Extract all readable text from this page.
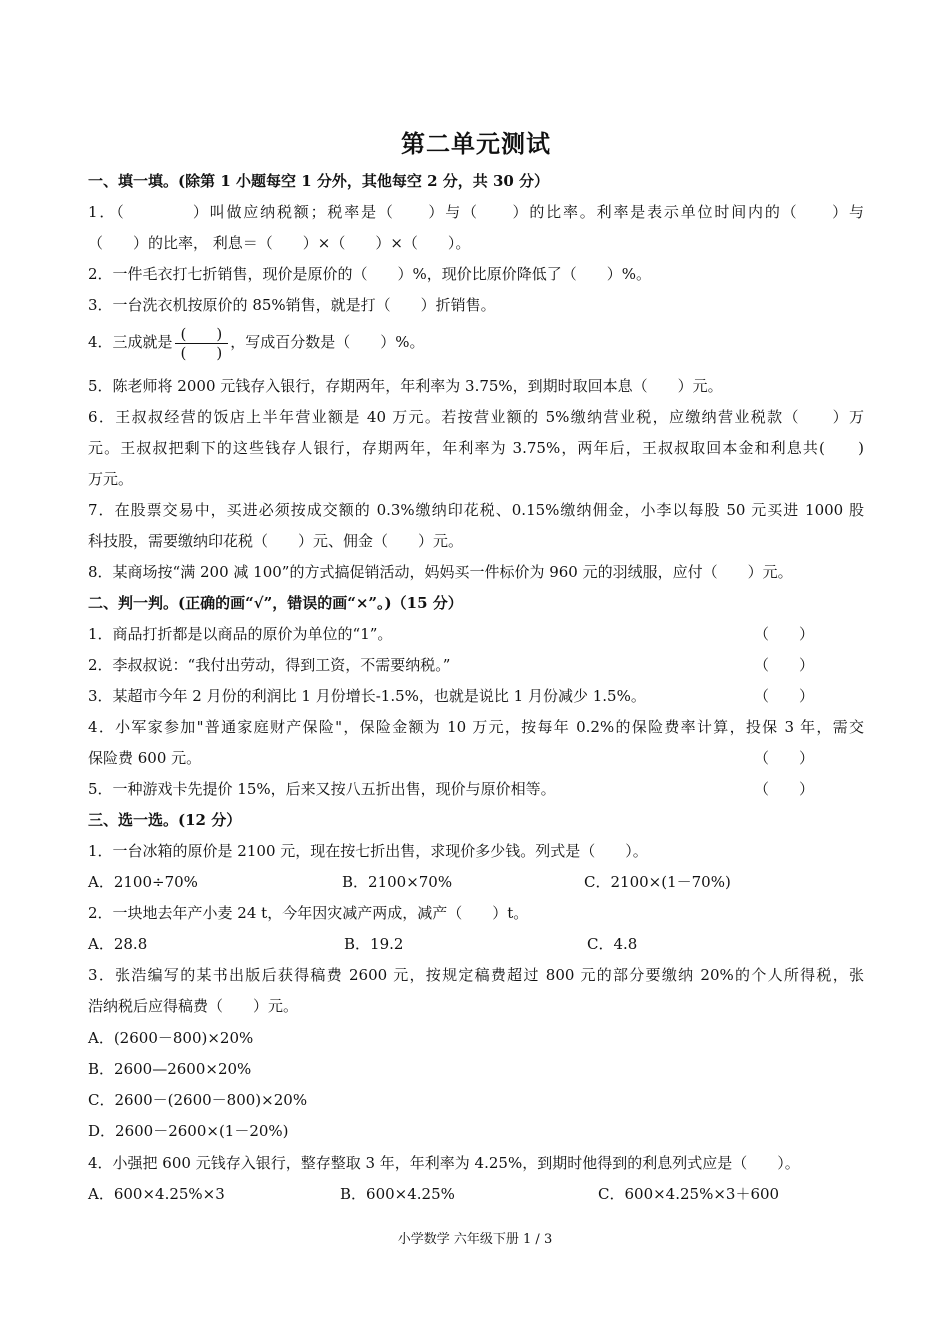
第二单元测试
一、填一填。(除第 1 小题每空 1 分外，其他每空 2 分，共 30 分）
1．（　　　　）叫做应纳税额；税率是（　　）与（　　）的比率。利率是表示单位时间内的（　　）与
（　　）的比率， 利息＝（　　）×（　　）×（　　）。
2．一件毛衣打七折销售，现价是原价的（　　）%，现价比原价降低了（　　）%。
3．一台洗衣机按原价的 85%销售，就是打（　　）折销售。
4．三成就是 $\frac{( )}{( )}$ ，写成百分数是（　　）%。
5．陈老师将 2000 元钱存入银行，存期两年，年利率为 3.75%，到期时取回本息（　　）元。
6．王叔叔经营的饭店上半年营业额是 40 万元。若按营业额的 5%缴纳营业税，应缴纳营业税款（　　）万
元。王叔叔把剩下的这些钱存人银行，存期两年，年利率为 3.75%，两年后，王叔叔取回本金和利息共(　　)
万元。
7．在股票交易中，买进必须按成交额的 0.3%缴纳印花税、0.15%缴纳佣金，小李以每股 50 元买进 1000 股
科技股，需要缴纳印花税（　　）元、佣金（　　）元。
8．某商场按“满 200 减 100”的方式搞促销活动，妈妈买一件标价为 960 元的羽绒服，应付（　　）元。
二、判一判。(正确的画“√”，错误的画“×”。)（15 分）
1．商品打折都是以商品的原价为单位的“1”。	（　　）
2．李叔叔说：“我付出劳动，得到工资，不需要纳税。”	（　　）
3．某超市今年 2 月份的利润比 1 月份增长-1.5%，也就是说比 1 月份减少 1.5%。	（　　）
4．小军家参加"普通家庭财产保险"，保险金额为 10 万元，按每年 0.2%的保险费率计算，投保 3 年，需交
保险费 600 元。	（　　）
5．一种游戏卡先提价 15%，后来又按八五折出售，现价与原价相等。	（　　）
三、选一选。(12 分）
1．一台冰箱的原价是 2100 元，现在按七折出售，求现价多少钱。列式是（　　）。
A．2100÷70%	B．2100×70%	C．2100×(1－70%)
2．一块地去年产小麦 24 t，今年因灾减产两成，减产（　　）t。
A．28.8	B．19.2	C．4.8
3．张浩编写的某书出版后获得稿费 2600 元，按规定稿费超过 800 元的部分要缴纳 20%的个人所得税，张
浩纳税后应得稿费（　　）元。
A．(2600－800)×20%
B．2600—2600×20%
C．2600－(2600－800)×20%
D．2600－2600×(1－20%)
4．小强把 600 元钱存入银行，整存整取 3 年，年利率为 4.25%，到期时他得到的利息列式应是（　　）。
A．600×4.25%×3	B．600×4.25%	C．600×4.25%×3＋600
小学数学 六年级下册 1 / 3
